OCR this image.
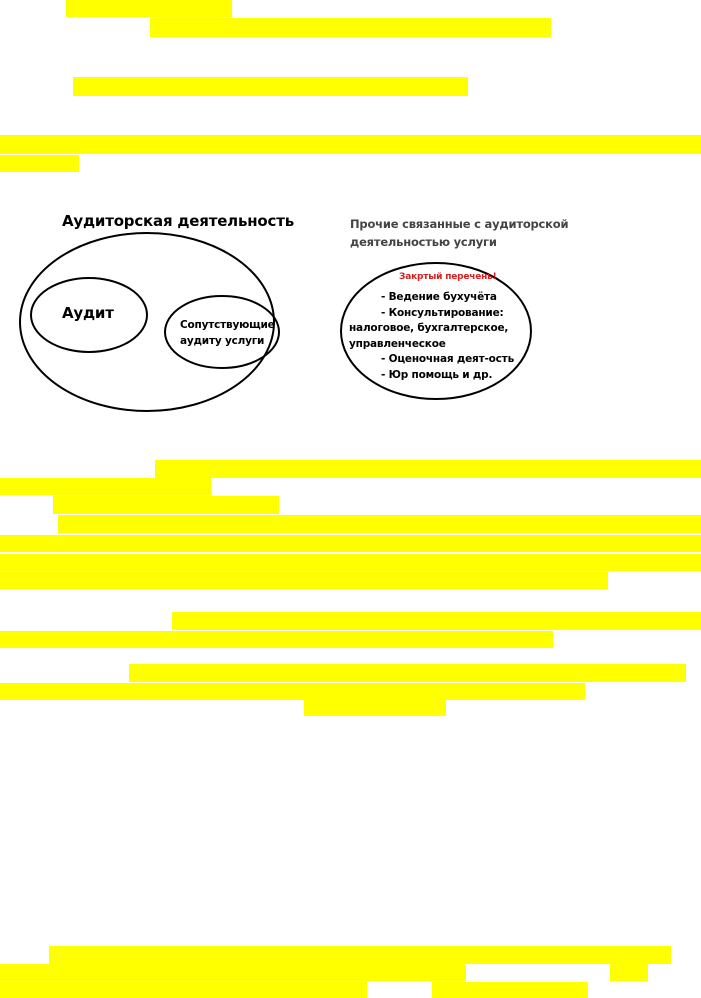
Аудиторская деятельность	Прочие связанные с аудиторской
деятельностью услуги
Аудит
Сопутствующие
аудиту услуги
Закртый перечень!
- Ведение бухучёта
- Консультирование:
налоговое, бухгалтерское,
управленческое
- Оценочная деят-ость
- Юр помощь и др.
